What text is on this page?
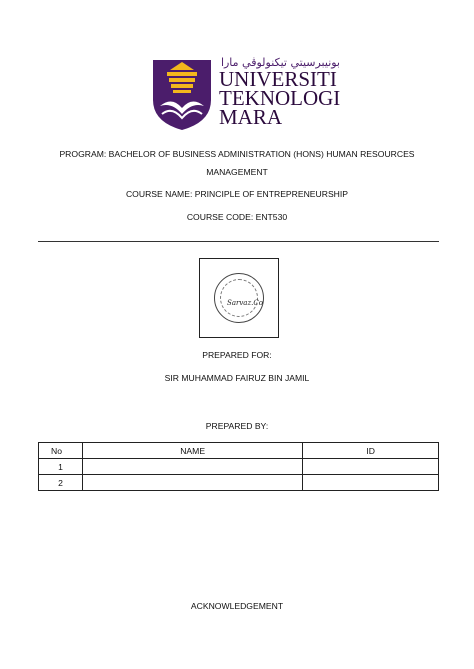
ﺑﻮﻧﻴﺒﺮﺳﻴﺘﻲ ﺗﻴﻜﻨﻮﻟﻮﭬﻲ ﻣﺎرا
UNIVERSITI
TEKNOLOGI
MARA
PROGRAM: BACHELOR OF BUSINESS ADMINISTRATION (HONS) HUMAN RESOURCES
MANAGEMENT
COURSE NAME: PRINCIPLE OF ENTREPRENEURSHIP
COURSE CODE: ENT530
Sarvaz.Co
PREPARED FOR:
SIR MUHAMMAD FAIRUZ BIN JAMIL
PREPARED BY:
No	NAME	ID
1		
2		
ACKNOWLEDGEMENT
